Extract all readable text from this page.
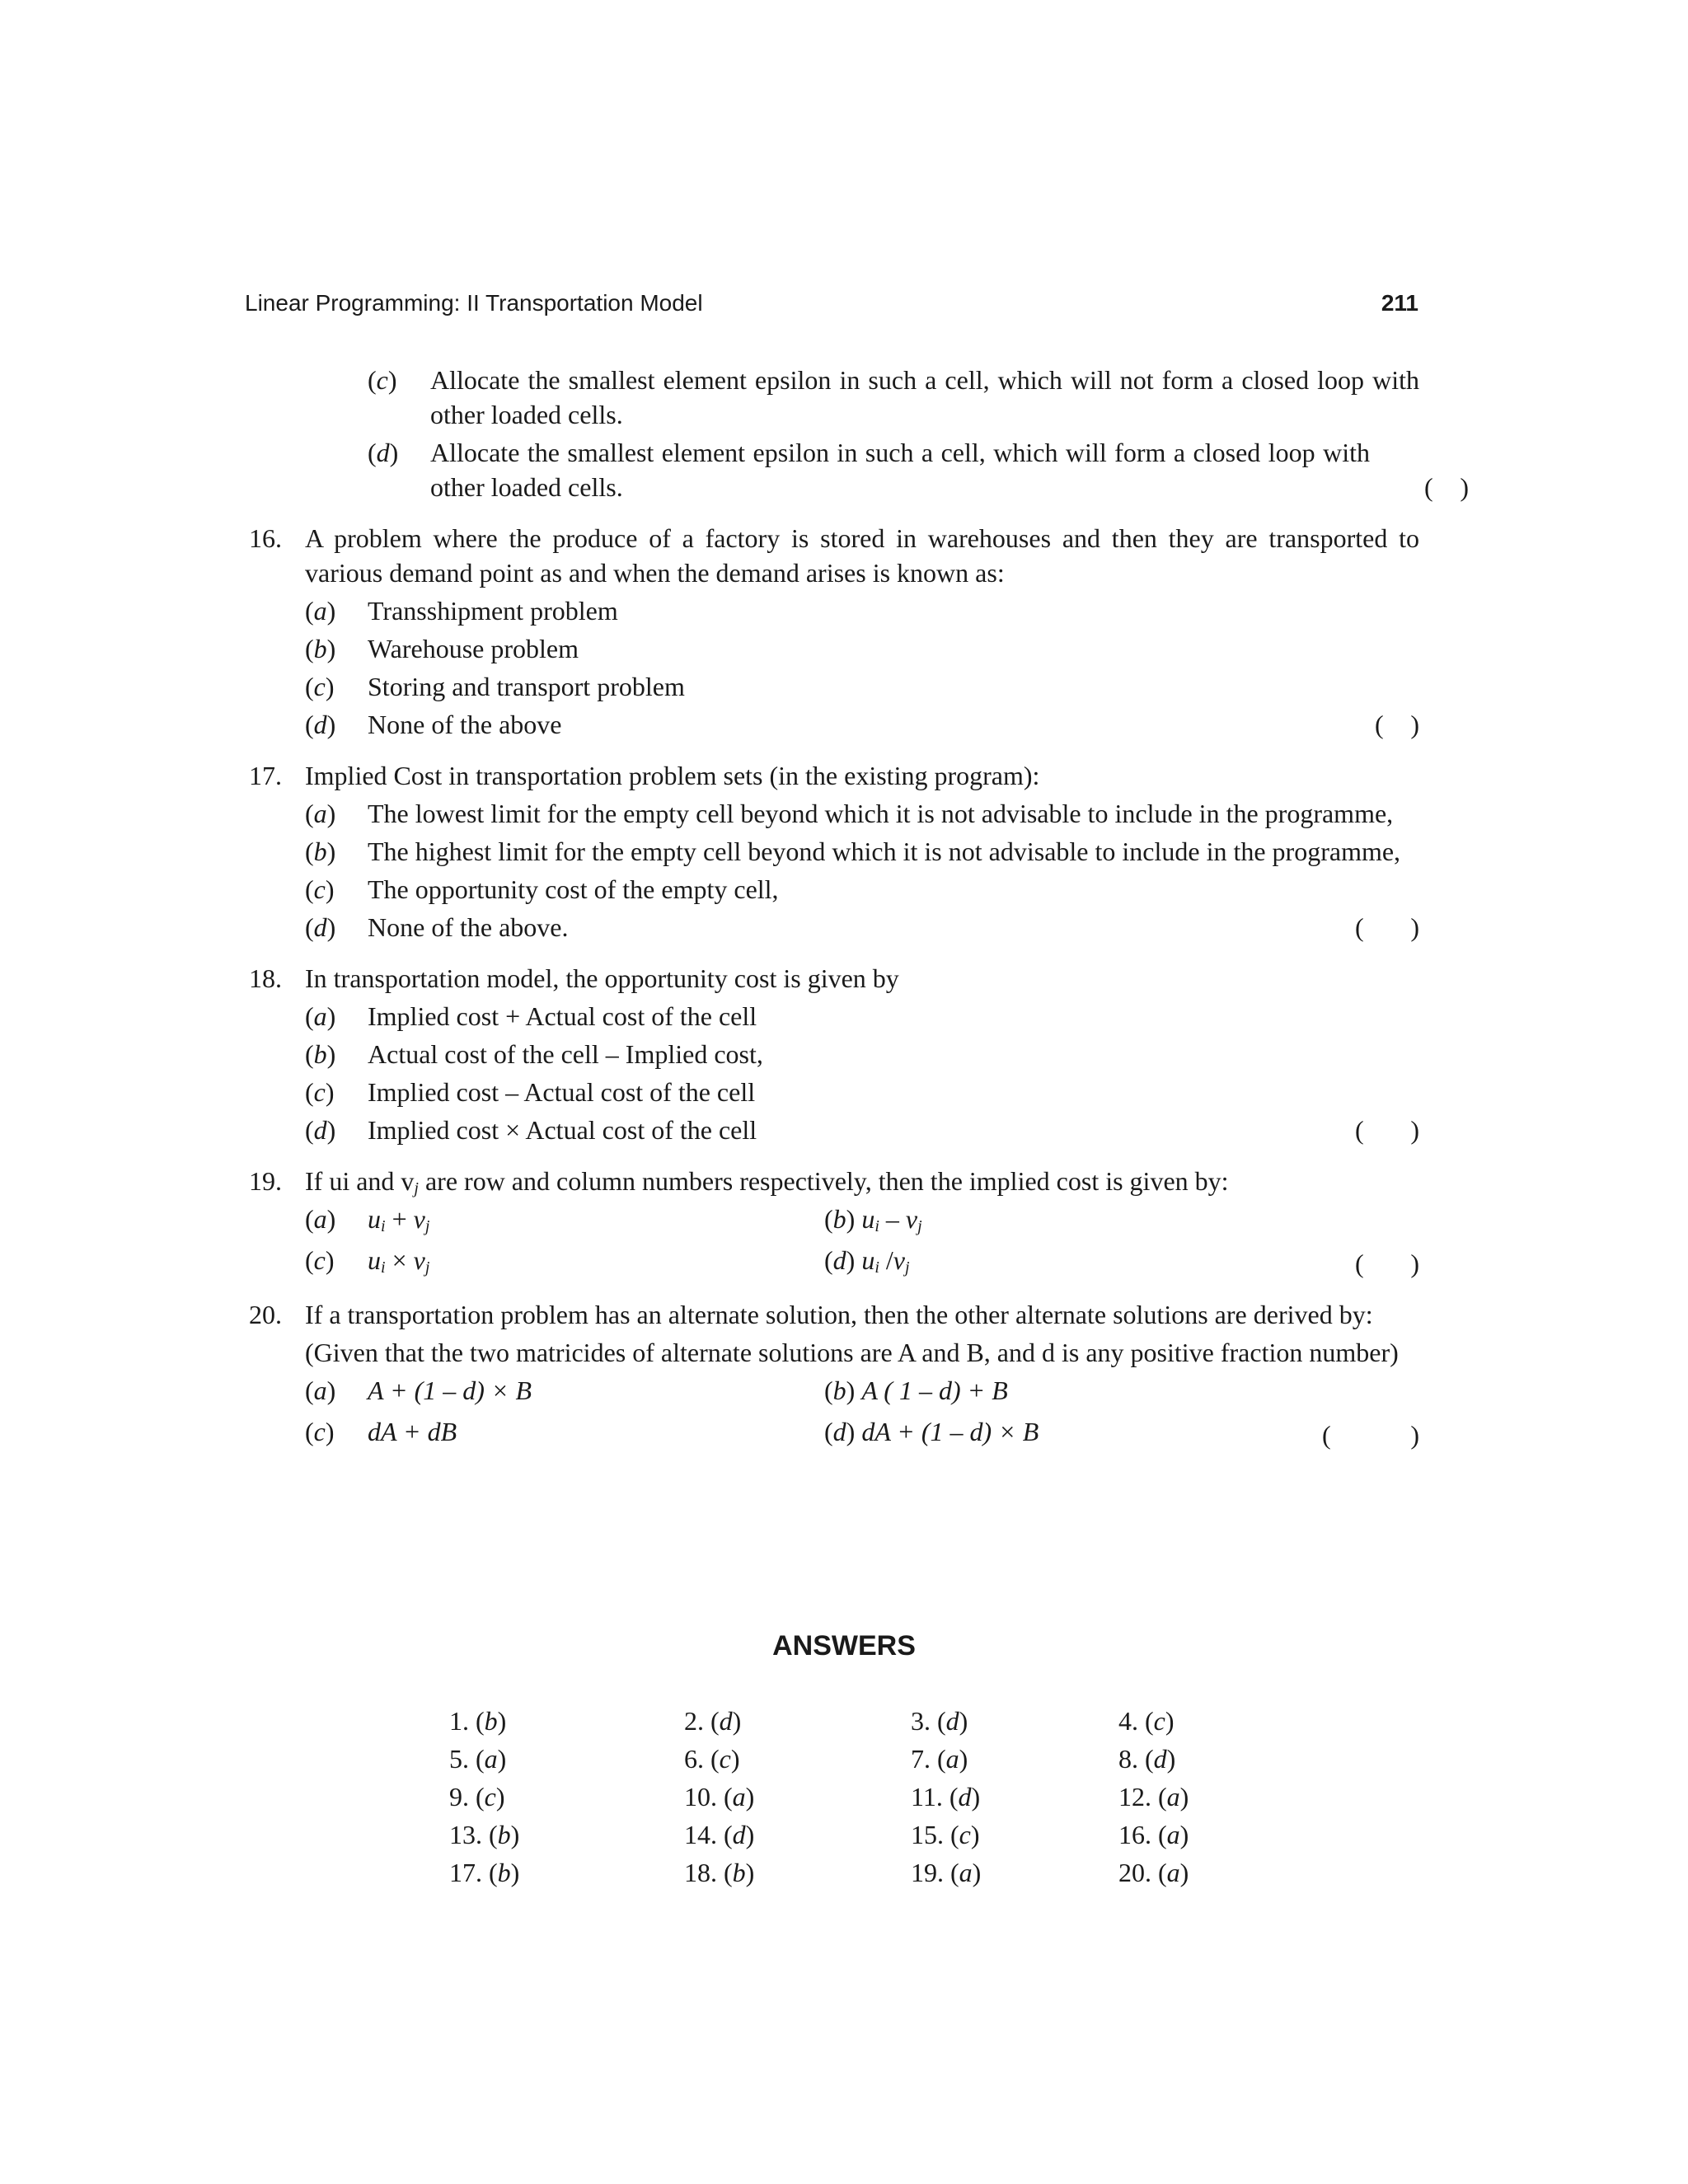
Linear Programming: II Transportation Model	211
(c) Allocate the smallest element epsilon in such a cell, which will not form a closed loop with other loaded cells.
(d) Allocate the smallest element epsilon in such a cell, which will form a closed loop with other loaded cells.	( )
16. A problem where the produce of a factory is stored in warehouses and then they are transported to various demand point as and when the demand arises is known as:
(a) Transshipment problem
(b) Warehouse problem
(c) Storing and transport problem
(d) None of the above	( )
17. Implied Cost in transportation problem sets (in the existing program):
(a) The lowest limit for the empty cell beyond which it is not advisable to include in the programme,
(b) The highest limit for the empty cell beyond which it is not advisable to include in the programme,
(c) The opportunity cost of the empty cell,
(d) None of the above.	( )
18. In transportation model, the opportunity cost is given by
(a) Implied cost + Actual cost of the cell
(b) Actual cost of the cell – Implied cost,
(c) Implied cost – Actual cost of the cell
(d) Implied cost × Actual cost of the cell	( )
19. If ui and $v_j$ are row and column numbers respectively, then the implied cost is given by:
(a) $u_i + v_j$	(b) $u_i - v_j$
(c) $u_i \times v_j$	(d) $u_i$ $/v_j$	( )
20. If a transportation problem has an alternate solution, then the other alternate solutions are derived by:
(Given that the two matricides of alternate solutions are A and B, and d is any positive fraction number)
(a) A + (1 – d) × B	(b) A ( 1 – d) + B
(c) dA + dB	(d) dA + (1 – d) × B	(	)
ANSWERS
1. (b)	2. (d)	3. (d)	4. (c)
5. (a)	6. (c)	7. (a)	8. (d)
9. (c)	10. (a)	11. (d)	12. (a)
13. (b)	14. (d)	15. (c)	16. (a)
17. (b)	18. (b)	19. (a)	20. (a)
